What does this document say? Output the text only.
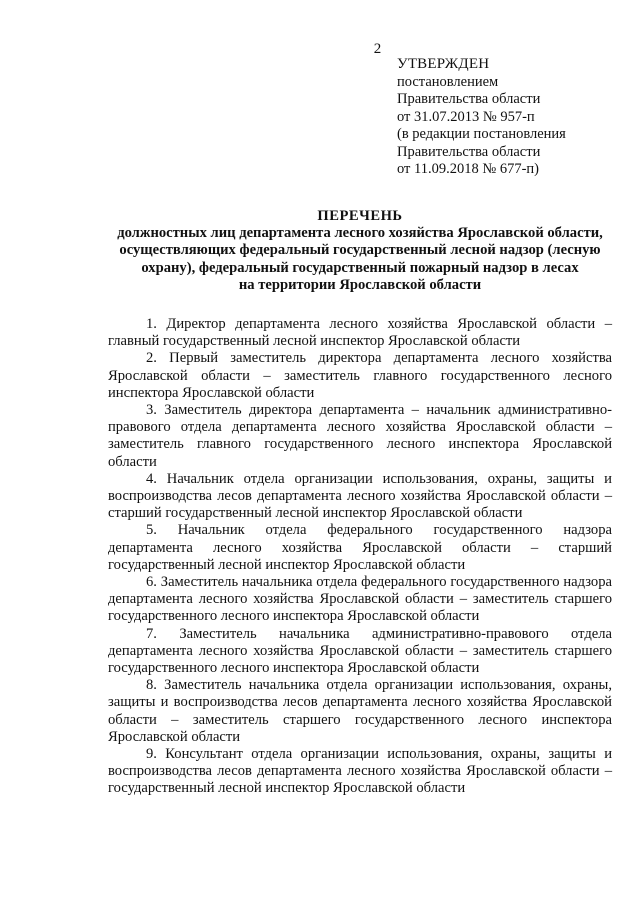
2
УТВЕРЖДЕН
постановлением
Правительства области
от 31.07.2013 № 957-п
(в редакции постановления
Правительства области
от 11.09.2018 № 677-п)
ПЕРЕЧЕНЬ
должностных лиц департамента лесного хозяйства Ярославской области,
осуществляющих федеральный государственный лесной надзор (лесную
охрану), федеральный государственный пожарный надзор в лесах
на территории Ярославской области

1. Директор департамента лесного хозяйства Ярославской области – главный государственный лесной инспектор Ярославской области

2. Первый заместитель директора департамента лесного хозяйства Ярославской области – заместитель главного государственного лесного инспектора Ярославской области

3. Заместитель директора департамента – начальник административно-правового отдела департамента лесного хозяйства Ярославской области – заместитель главного государственного лесного инспектора Ярославской области

4. Начальник отдела организации использования, охраны, защиты и воспроизводства лесов департамента лесного хозяйства Ярославской области – старший государственный лесной инспектор Ярославской области

5. Начальник отдела федерального государственного надзора департамента лесного хозяйства Ярославской области – старший государственный лесной инспектор Ярославской области

6. Заместитель начальника отдела федерального государственного надзора департамента лесного хозяйства Ярославской области – заместитель старшего государственного лесного инспектора Ярославской области

7. Заместитель начальника административно-правового отдела департамента лесного хозяйства Ярославской области – заместитель старшего государственного лесного инспектора Ярославской области

8. Заместитель начальника отдела организации использования, охраны, защиты и воспроизводства лесов департамента лесного хозяйства Ярославской области – заместитель старшего государственного лесного инспектора Ярославской области

9. Консультант отдела организации использования, охраны, защиты и воспроизводства лесов департамента лесного хозяйства Ярославской области – государственный лесной инспектор Ярославской области
